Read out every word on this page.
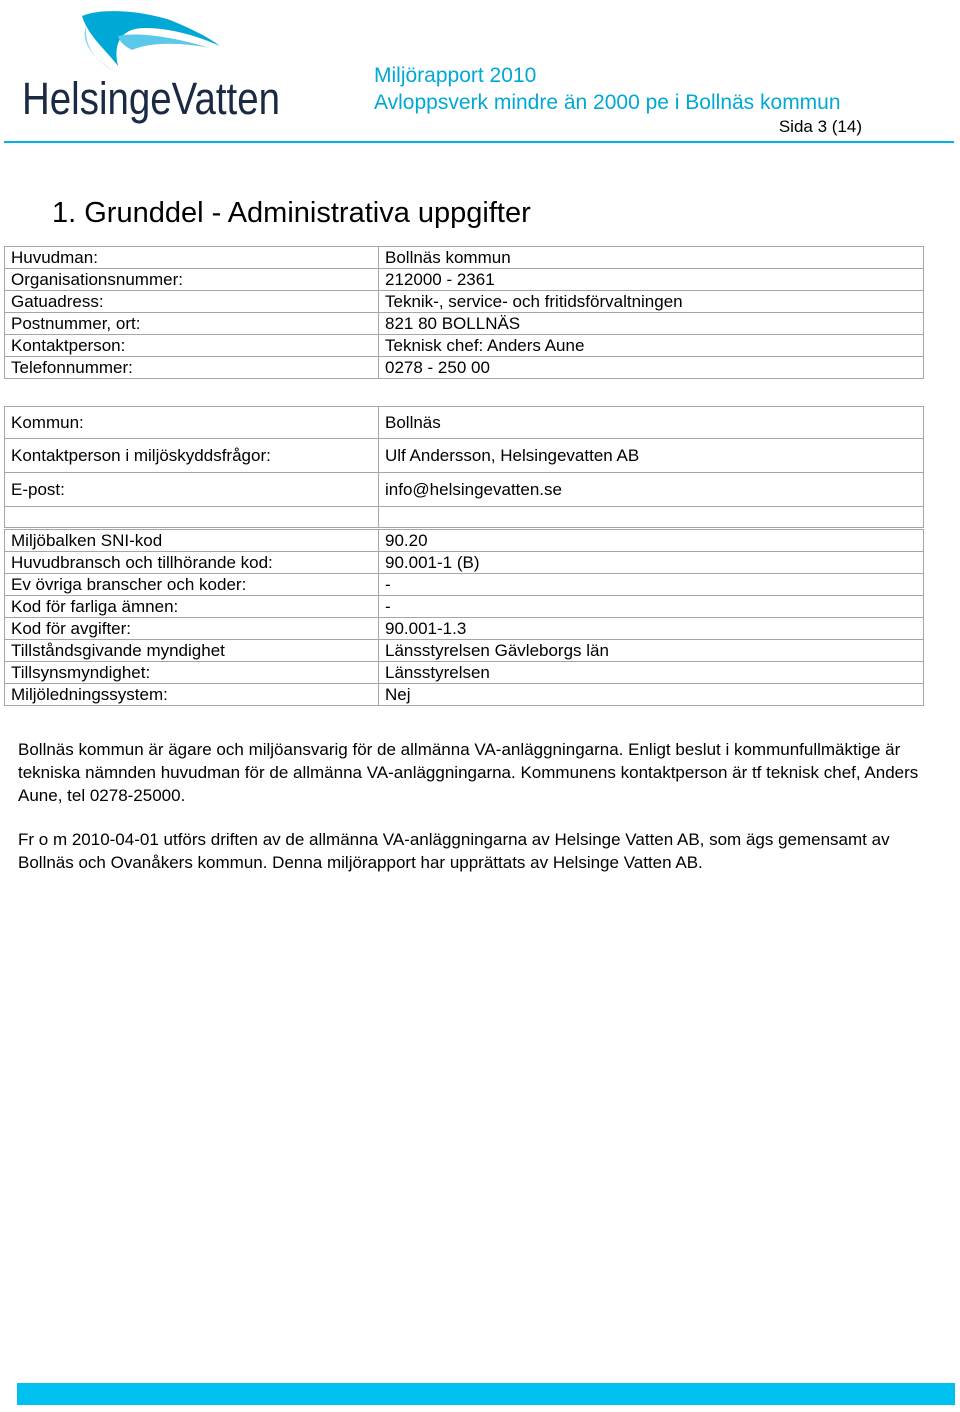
HelsingeVatten	Miljörapport 2010
Avloppsverk mindre än 2000 pe i Bollnäs kommun
Sida 3 (14)
1. Grunddel - Administrativa uppgifter
Huvudman:	Bollnäs kommun
Organisationsnummer:	212000 - 2361
Gatuadress:	Teknik-, service- och fritidsförvaltningen
Postnummer, ort:	821 80 BOLLNÄS
Kontaktperson:	Teknisk chef: Anders Aune
Telefonnummer:	0278 - 250 00
Kommun:	Bollnäs
Kontaktperson i miljöskyddsfrågor:	Ulf Andersson, Helsingevatten AB
E-post:	info@helsingevatten.se

Miljöbalken SNI-kod	90.20
Huvudbransch och tillhörande kod:	90.001-1 (B)
Ev övriga branscher och koder:	-
Kod för farliga ämnen:	-
Kod för avgifter:	90.001-1.3
Tillståndsgivande myndighet	Länsstyrelsen Gävleborgs län
Tillsynsmyndighet:	Länsstyrelsen
Miljöledningssystem:	Nej

Bollnäs kommun är ägare och miljöansvarig för de allmänna VA-anläggningarna. Enligt beslut i kommunfullmäktige är tekniska nämnden huvudman för de allmänna VA-anläggningarna. Kommunens kontaktperson är tf teknisk chef, Anders Aune, tel 0278-25000.

Fr o m 2010-04-01 utförs driften av de allmänna VA-anläggningarna av Helsinge Vatten AB, som ägs gemensamt av Bollnäs och Ovanåkers kommun. Denna miljörapport har upprättats av Helsinge Vatten AB.
